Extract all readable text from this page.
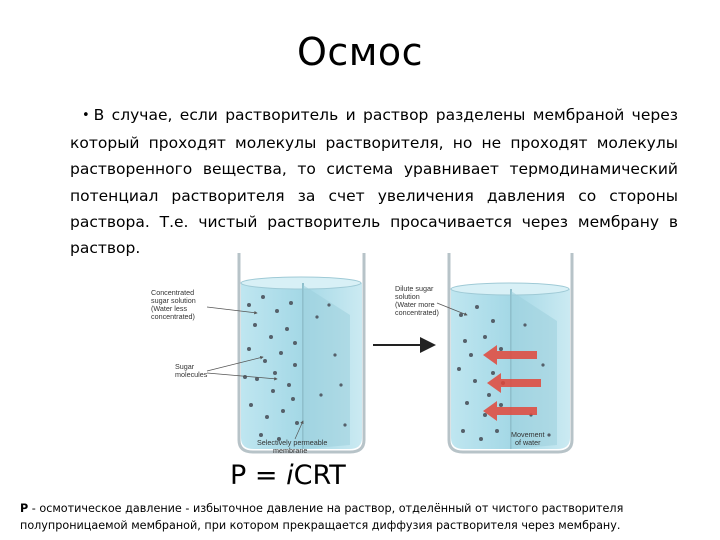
Осмос
• В случае, если растворитель и раствор разделены мембраной через который проходят молекулы растворителя, но не проходят молекулы растворенного вещества, то система уравнивает термодинамический потенциал растворителя за счет увеличения давления со стороны раствора. Т.е. чистый растворитель просачивается через мембрану в раствор.
Concentrated
sugar solution
(Water less
concentrated)
Sugar
molecules
Selectively permeable
membrane
Dilute sugar
solution
(Water more
concentrated)
Movement
of water
P = iCRT
P - осмотическое давление - избыточное давление на раствор, отделённый от чистого растворителя полупроницаемой мембраной, при котором прекращается диффузия растворителя через мембрану.
